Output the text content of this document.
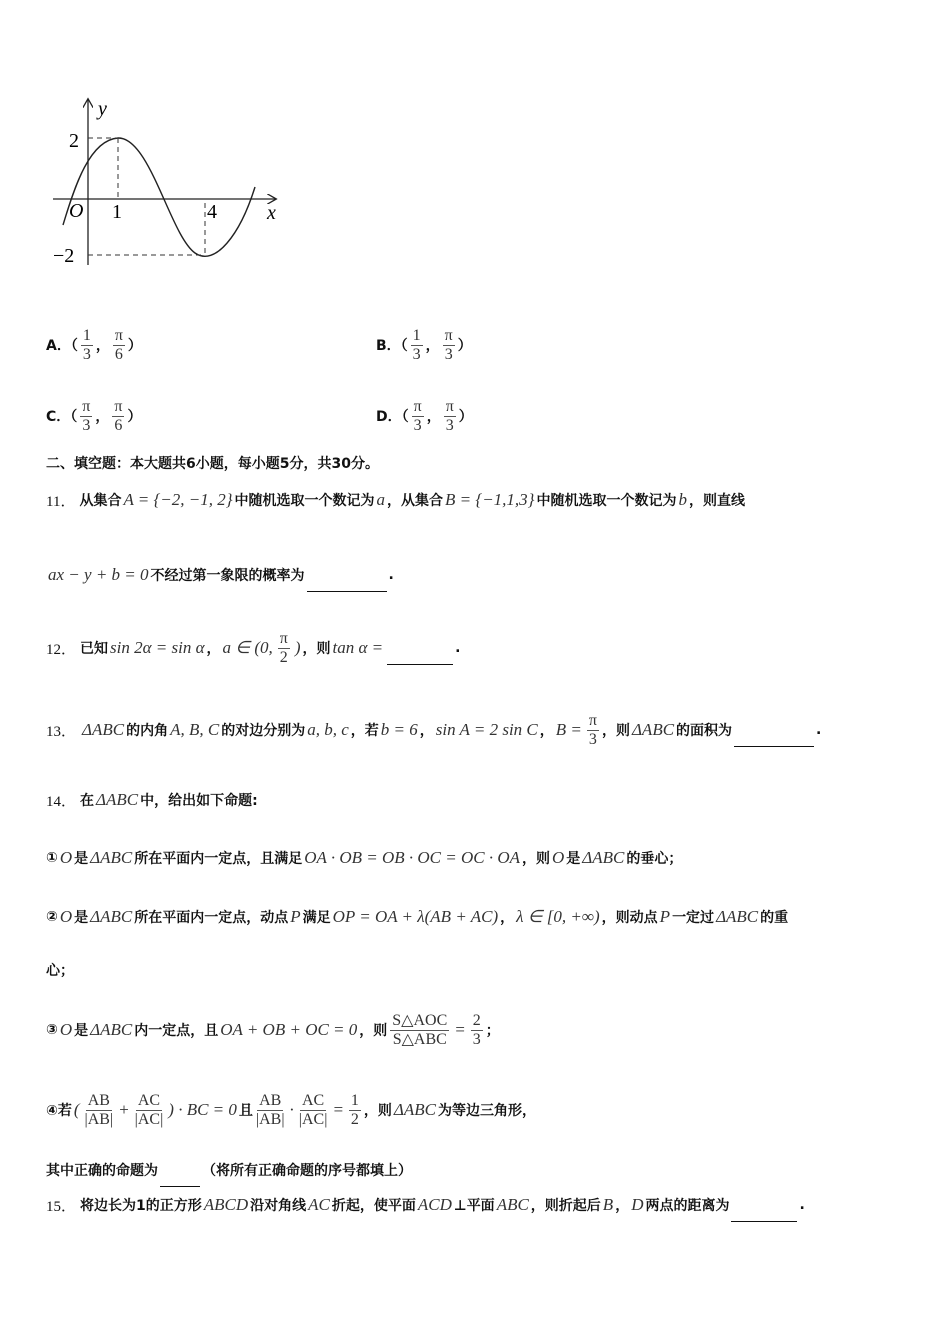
y
x
O 1	4
2
−2
A．（ $\frac{1}{3}$ ， $\frac{\pi}{6}$ ）	B．（ $\frac{1}{3}$ ， $\frac{\pi}{3}$ ）
C．（ $\frac{\pi}{3}$ ， $\frac{\pi}{6}$ ）	D．（ $\frac{\pi}{3}$ ， $\frac{\pi}{3}$ ）
二、填空题：本大题共6小题，每小题5分，共30分。
11． 从集合 A = {−2, −1, 2} 中随机选取一个数记为 a ，从集合 B = {−1,1,3} 中随机选取一个数记为 b ，则直线
ax − y + b = 0 不经过第一象限的概率为	.
12． 已知 sin 2α = sin α ， a ∈ (0, $\frac{\pi}{2}$ ) ，则 tan α =	.
13． ΔABC 的内角 A, B, C 的对边分别为 a, b, c ，若 b = 6 ， sin A = 2 sin C ， $B = \frac{\pi}{3}$ ，则 ΔABC 的面积为	.
14． 在 ΔABC 中，给出如下命题:
① O 是 ΔABC 所在平面内一定点，且满足 OA · OB = OB · OC = OC · OA ，则 O 是 ΔABC 的垂心；
② O 是 ΔABC 所在平面内一定点，动点 P 满足 OP = OA + λ(AB + AC) ， λ ∈ [0, +∞) ，则动点 P 一定过 ΔABC 的重
心；
③ O 是 ΔABC 内一定点，且 OA + OB + OC = 0 ，则 $\frac{\text{S△AOC}}{\text{S△ABC}} = \frac{2}{3}$ ；
④若 ( $\frac{AB}{|AB|} + \frac{AC}{|AC|}$ ) · BC = 0 且 $\frac{AB}{|AB|} \cdot \frac{AC}{|AC|} = \frac{1}{2}$ ，则 ΔABC 为等边三角形，
其中正确的命题为	（将所有正确命题的序号都填上）
15． 将边长为1的正方形 ABCD 沿对角线 AC 折起，使平面 ACD ⊥平面 ABC ，则折起后 B ， D 两点的距离为	.
